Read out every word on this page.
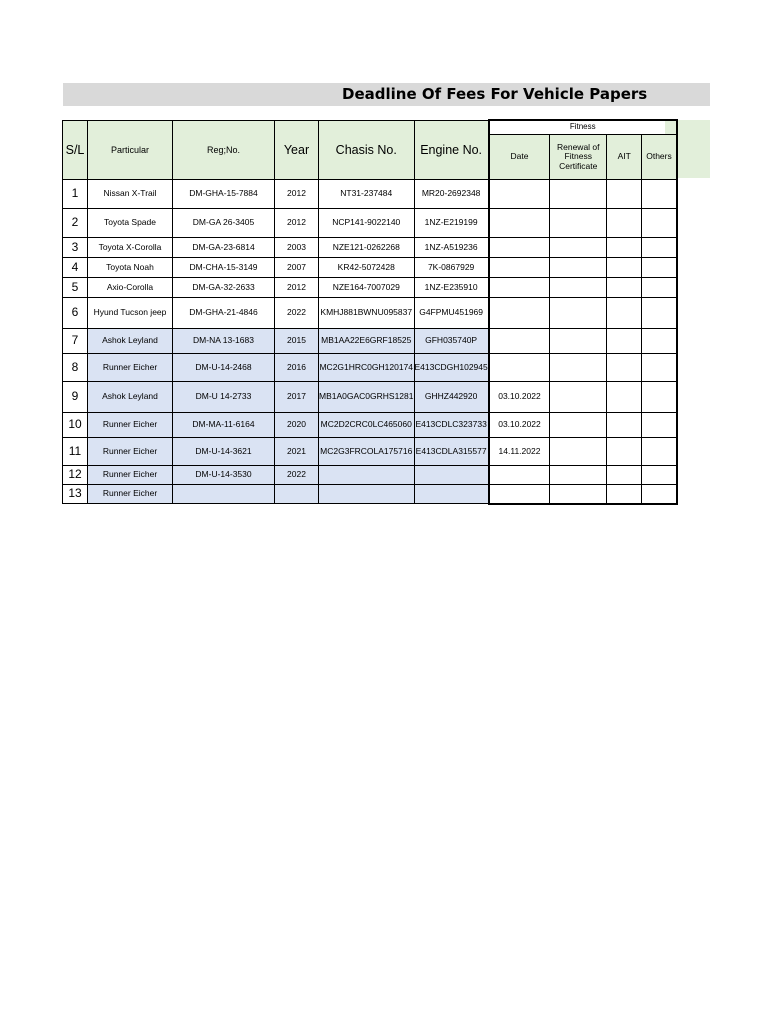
Deadline Of Fees For Vehicle Papers
S/L	Particular	Reg;No.	Year	Chasis No.	Engine No.	Fitness			
						Date	Renewal of Fitness Certificate	AIT	Others
1	Nissan X-Trail	DM-GHA-15-7884	2012	NT31-237484	MR20-2692348				
2	Toyota Spade	DM-GA 26-3405	2012	NCP141-9022140	1NZ-E219199				
3	Toyota X-Corolla	DM-GA-23-6814	2003	NZE121-0262268	1NZ-A519236				
4	Toyota Noah	DM-CHA-15-3149	2007	KR42-5072428	7K-0867929				
5	Axio-Corolla	DM-GA-32-2633	2012	NZE164-7007029	1NZ-E235910				
6	Hyund Tucson jeep	DM-GHA-21-4846	2022	KMHJ881BWNU095837	G4FPMU451969				
7	Ashok Leyland	DM-NA 13-1683	2015	MB1AA22E6GRF18525	GFH035740P				
8	Runner Eicher	DM-U-14-2468	2016	MC2G1HRC0GH120174	E413CDGH102945				
9	Ashok Leyland	DM-U 14-2733	2017	MB1A0GAC0GRHS1281	GHHZ442920	03.10.2022			
10	Runner Eicher	DM-MA-11-6164	2020	MC2D2CRC0LC465060	E413CDLC323733	03.10.2022			
11	Runner Eicher	DM-U-14-3621	2021	MC2G3FRCOLA175716	E413CDLA315577	14.11.2022			
12	Runner Eicher	DM-U-14-3530	2022						
13	Runner Eicher								
